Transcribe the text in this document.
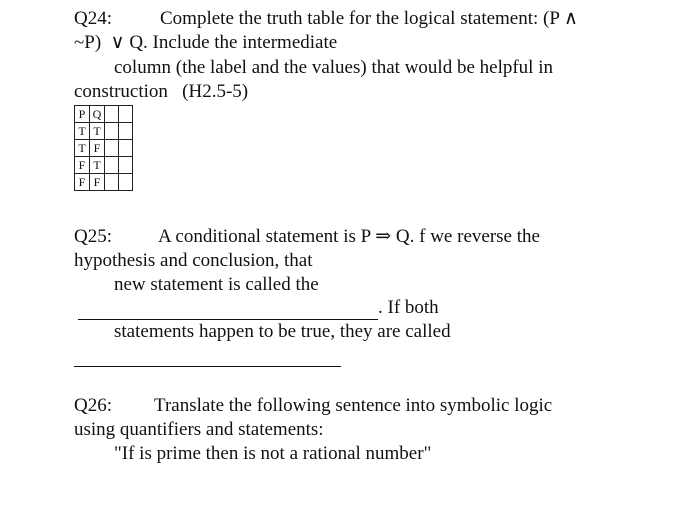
Q24:	Complete the truth table for the logical statement: (P ∧
~P)  ∨ Q. Include the intermediate
column (the label and the values) that would be helpful in
construction   (H2.5-5)
P	Q		
T	T		
T	F		
F	T		
F	F		
Q25: A conditional statement is P ⇒ Q. f we reverse the
hypothesis and conclusion, that
new statement is called the
. If both
statements happen to be true, they are called
Q26: Translate the following sentence into symbolic logic
using quantifiers and statements:
"If is prime then is not a rational number"
